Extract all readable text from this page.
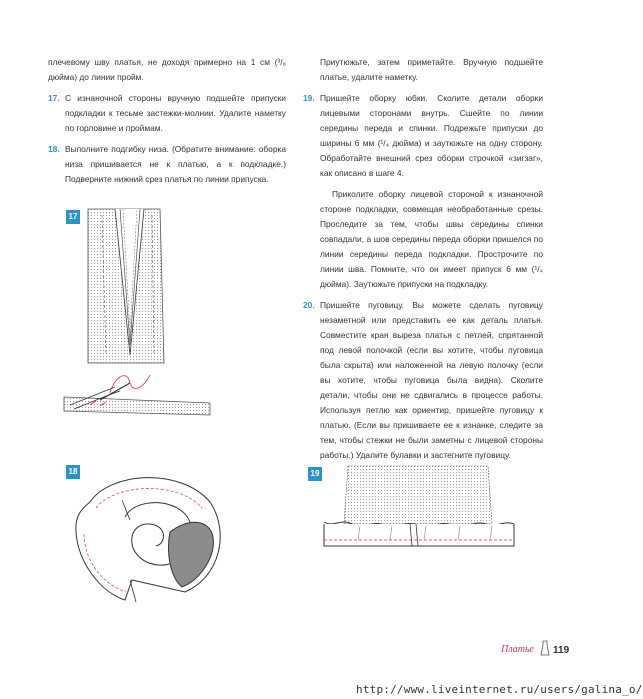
плечевому шву платья, не доходя примерно на 1 см (³/₈ дюйма) до линии пройм.

17. С изнаночной стороны вручную подшейте припуски подкладки к тесьме застежки-молнии. Удалите наметку по горловине и проймам.
18. Выполните подгибку низа. (Обратите внимание: оборка низа пришивается не к платью, а к подкладке.) Подверните нижний срез платья по линии припуска.

Приутюжьте, затем приметайте. Вручную подшейте платье, удалите наметку.

19. Пришейте оборку юбки. Сколите детали оборки лицевыми сторонами внутрь. Сшейте по линии середины переда и спинки. Подрежьте припуски до ширины 6 мм (¹/₄ дюйма) и заутюжьте на одну сторону. Обработайте внешний срез оборки строчкой «зигзаг», как описано в шаге 4.

Приколите оборку лицевой стороной к изнаночной стороне подкладки, совмещая необработанные срезы. Проследите за тем, чтобы швы середины спинки совпадали, а шов середины переда оборки пришелся по линии середины переда подкладки. Прострочите по линии шва. Помните, что он имеет припуск 6 мм (¹/₄ дюйма). Заутюжьте припуски на подкладку.

20. Пришейте пуговицу. Вы можете сделать пуговицу незаметной или представить ее как деталь платья. Совместите края выреза платья с петлей, спрятанной под левой полочкой (если вы хотите, чтобы пуговица была скрыта) или наложенной на левую полочку (если вы хотите, чтобы пуговица была видна). Сколите детали, чтобы они не сдвигались в процессе работы. Используя петлю как ориентир, пришейте пуговицу к платью. (Если вы пришиваете ее к изнанке, следите за тем, чтобы стежки не были заметны с лицевой стороны работы.) Удалите булавки и застегните пуговицу.
17
18	19
Платье 119
http://www.liveinternet.ru/users/galina_o/
